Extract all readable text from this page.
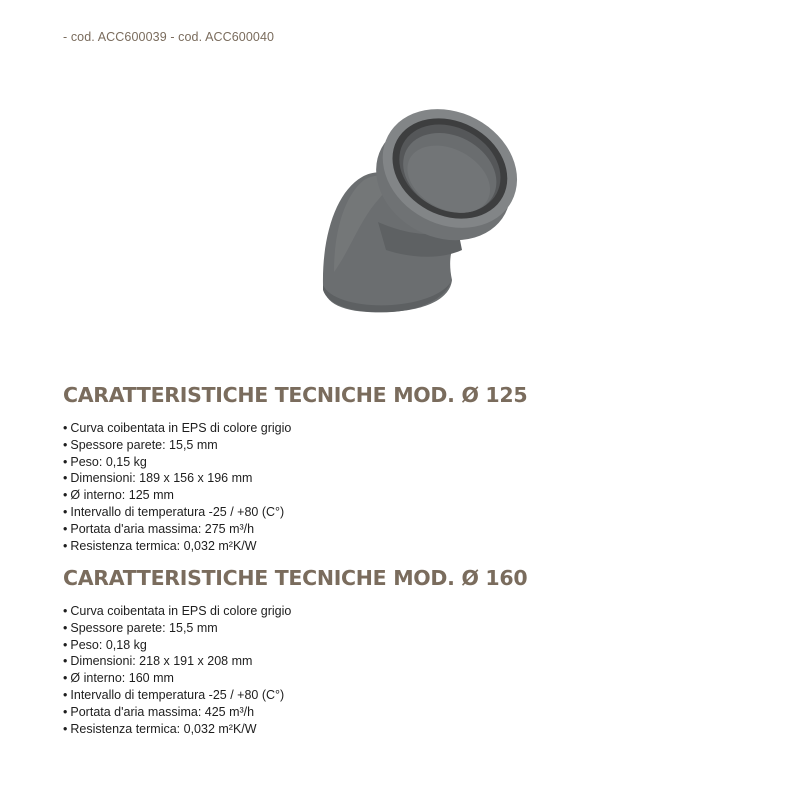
- cod. ACC600039 - cod. ACC600040
CARATTERISTICHE TECNICHE MOD. Ø 125
• Curva coibentata in EPS di colore grigio
• Spessore parete: 15,5 mm
• Peso: 0,15 kg
• Dimensioni: 189 x 156 x 196 mm
• Ø interno: 125 mm
• Intervallo di temperatura -25 / +80 (C°)
• Portata d'aria massima: 275 m³/h
• Resistenza termica: 0,032 m²K/W
CARATTERISTICHE TECNICHE MOD. Ø 160
• Curva coibentata in EPS di colore grigio
• Spessore parete: 15,5 mm
• Peso: 0,18 kg
• Dimensioni: 218 x 191 x 208 mm
• Ø interno: 160 mm
• Intervallo di temperatura -25 / +80 (C°)
• Portata d'aria massima: 425 m³/h
• Resistenza termica: 0,032 m²K/W
